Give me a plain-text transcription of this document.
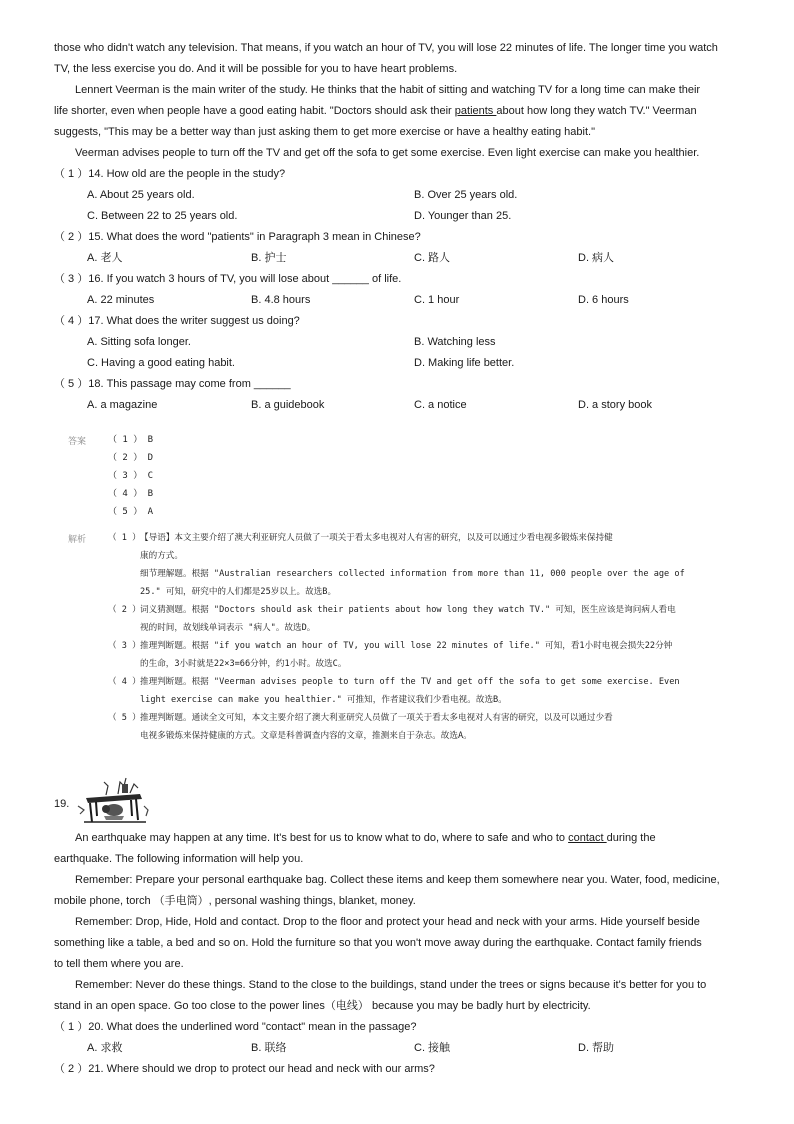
those who didn't watch any television. That means, if you watch an hour of TV, you will lose 22 minutes of life. The longer time you watch
TV, the less exercise you do. And it will be possible for you to have heart problems.
Lennert Veerman is the main writer of the study. He thinks that the habit of sitting and watching TV for a long time can make their
life shorter, even when people have a good eating habit. "Doctors should ask their patients about how long they watch TV." Veerman
suggests, "This may be a better way than just asking them to get more exercise or have a healthy eating habit."
Veerman advises people to turn off the TV and get off the sofa to get some exercise. Even light exercise can make you healthier.
（ 1 ）14. How old are the people in the study?
A. About 25 years old.	B. Over 25 years old.
C. Between 22 to 25 years old.	D. Younger than 25.
（ 2 ）15. What does the word "patients" in Paragraph 3 mean in Chinese?
A. 老人	B. 护士	C. 路人	D. 病人
（ 3 ）16. If you watch 3 hours of TV, you will lose about ______ of life.
A. 22 minutes	B. 4.8 hours	C. 1 hour	D. 6 hours
（ 4 ）17. What does the writer suggest us doing?
A. Sitting sofa longer.	B. Watching less
C. Having a good eating habit.	D. Making life better.
（ 5 ）18. This passage may come from ______
A. a magazine	B. a guidebook	C. a notice	D. a story book
答案 （ 1 ） B
（ 2 ） D
（ 3 ） C
（ 4 ） B
（ 5 ） A
解析	（ 1 ） 【导语】本文主要介绍了澳大利亚研究人员做了一项关于看太多电视对人有害的研究，以及可以通过少看电视多锻炼来保持健
康的方式。
细节理解题。根据 "Australian researchers collected information from more than 11, 000 people over the age of
25." 可知，研究中的人们都是25岁以上。故选B。
（ 2 ） 词义猜测题。根据 "Doctors should ask their patients about how long they watch TV." 可知，医生应该是询问病人看电
视的时间，故划线单词表示 "病人"。故选D。
（ 3 ） 推理判断题。根据 "if you watch an hour of TV, you will lose 22 minutes of life." 可知，看1小时电视会损失22分钟
的生命，3小时就是22×3=66分钟，约1小时。故选C。
（ 4 ） 推理判断题。根据 "Veerman advises people to turn off the TV and get off the sofa to get some exercise. Even
light exercise can make you healthier." 可推知，作者建议我们少看电视。故选B。
（ 5 ） 推理判断题。通读全文可知，本文主要介绍了澳大利亚研究人员做了一项关于看太多电视对人有害的研究，以及可以通过少看
电视多锻炼来保持健康的方式。文章是科普调查内容的文章，推测来自于杂志。故选A。
19.
An earthquake may happen at any time. It's best for us to know what to do, where to safe and who to contact during the
earthquake. The following information will help you.
Remember: Prepare your personal earthquake bag. Collect these items and keep them somewhere near you. Water, food, medicine,
mobile phone, torch （手电筒）, personal washing things, blanket, money.
Remember: Drop, Hide, Hold and contact. Drop to the floor and protect your head and neck with your arms. Hide yourself beside
something like a table, a bed and so on. Hold the furniture so that you won't move away during the earthquake. Contact family friends
to tell them where you are.
Remember: Never do these things. Stand to the close to the buildings, stand under the trees or signs because it's better for you to
stand in an open space. Go too close to the power lines（电线） because you may be badly hurt by electricity.
（ 1 ）20. What does the underlined word "contact" mean in the passage?
A. 求救	B. 联络	C. 接触	D. 帮助
（ 2 ）21. Where should we drop to protect our head and neck with our arms?
